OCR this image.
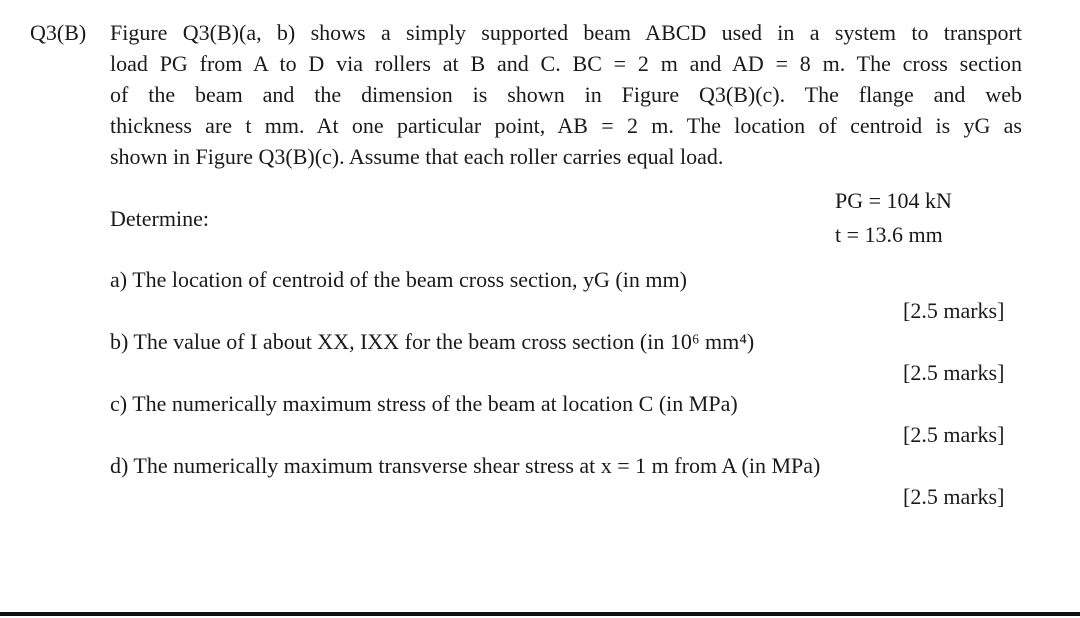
Q3(B) Figure Q3(B)(a, b) shows a simply supported beam ABCD used in a system to transport
load PG from A to D via rollers at B and C. BC = 2 m and AD = 8 m. The cross section
of the beam and the dimension is shown in Figure Q3(B)(c). The flange and web
thickness are t mm. At one particular point, AB = 2 m. The location of centroid is yG as
shown in Figure Q3(B)(c). Assume that each roller carries equal load.
Determine:
PG = 104 kN
t = 13.6 mm
a) The location of centroid of the beam cross section, yG (in mm)
[2.5 marks]
b) The value of I about XX, IXX for the beam cross section (in 10⁶ mm⁴)
[2.5 marks]
c) The numerically maximum stress of the beam at location C (in MPa)
[2.5 marks]
d) The numerically maximum transverse shear stress at x = 1 m from A (in MPa)
[2.5 marks]
